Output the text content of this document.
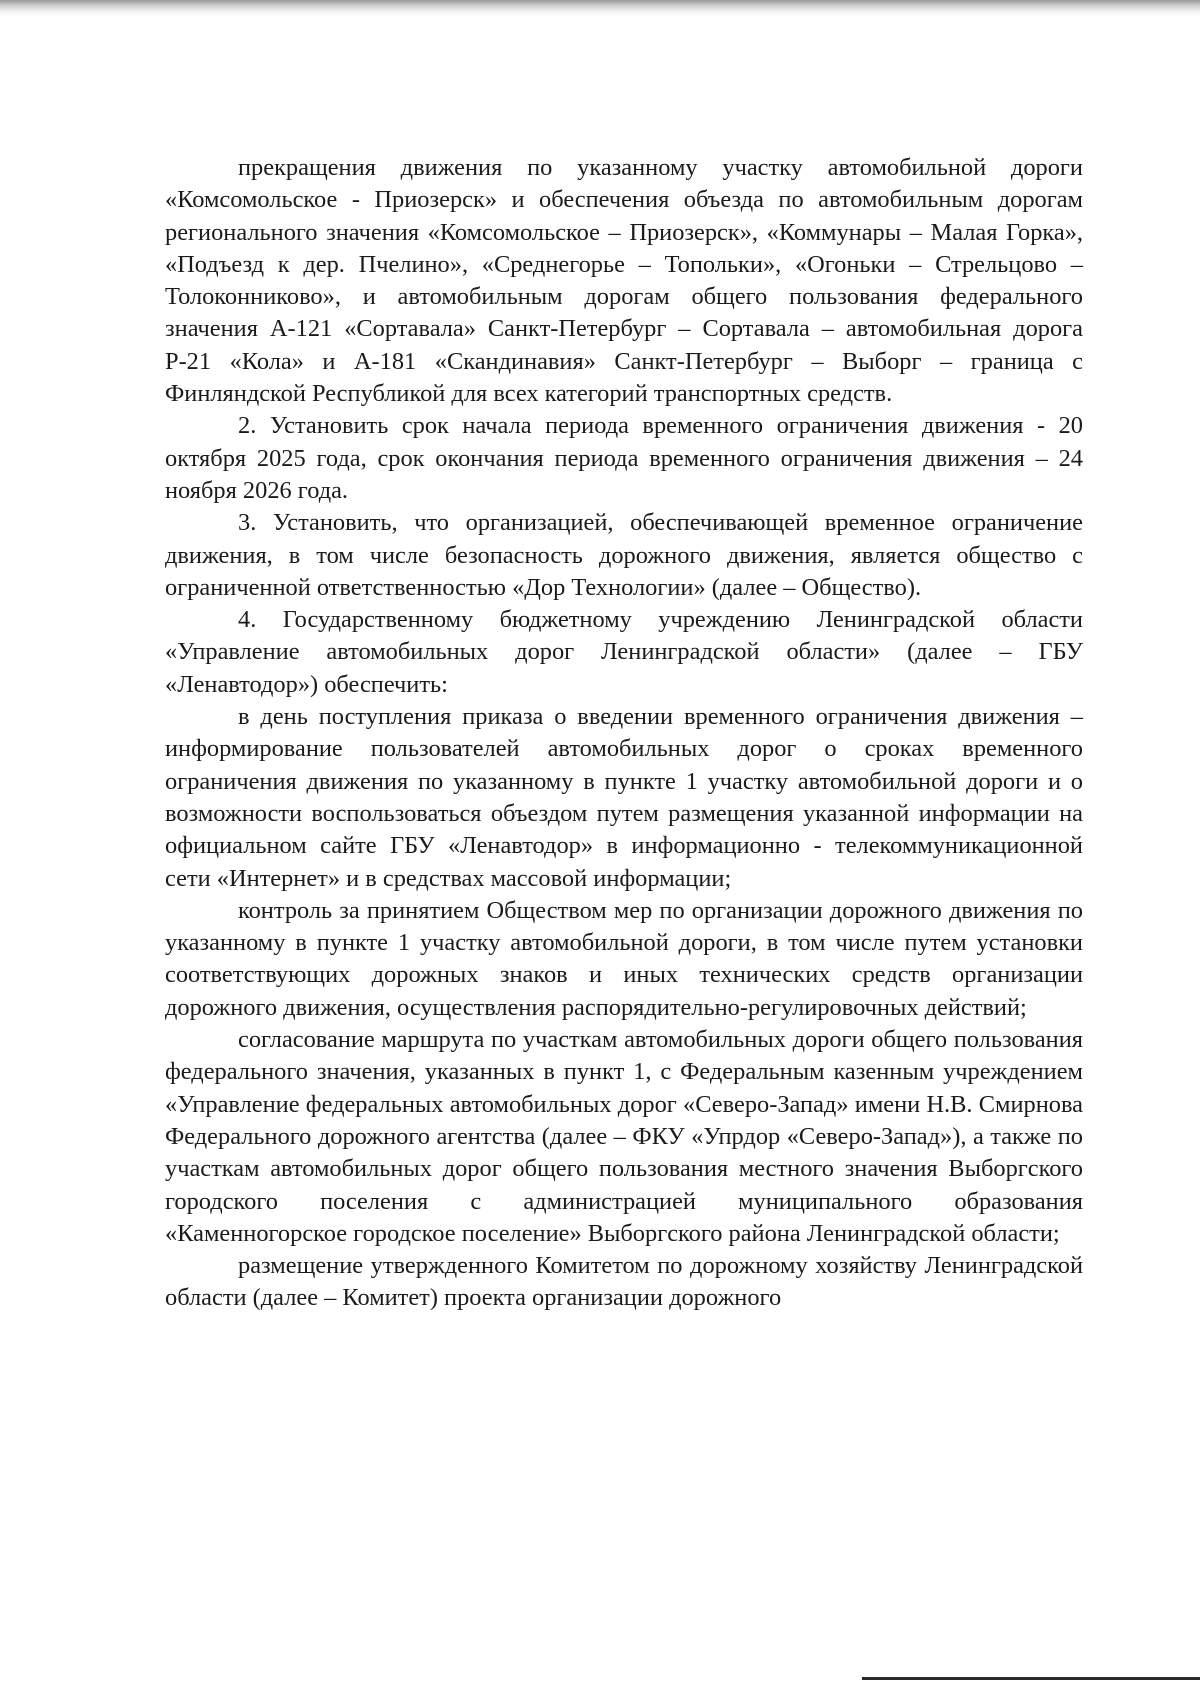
прекращения движения по указанному участку автомобильной дороги «Комсомольское - Приозерск» и обеспечения объезда по автомобильным дорогам регионального значения «Комсомольское – Приозерск», «Коммунары – Малая Горка», «Подъезд к дер. Пчелино», «Среднегорье – Топольки», «Огоньки – Стрельцово – Толоконниково», и автомобильным дорогам общего пользования федерального значения А-121 «Сортавала» Санкт-Петербург – Сортавала – автомобильная дорога Р-21 «Кола» и А-181 «Скандинавия» Санкт-Петербург – Выборг – граница с Финляндской Республикой для всех категорий транспортных средств.

2. Установить срок начала периода временного ограничения движения - 20 октября 2025 года, срок окончания периода временного ограничения движения – 24 ноября 2026 года.

3. Установить, что организацией, обеспечивающей временное ограничение движения, в том числе безопасность дорожного движения, является общество с ограниченной ответственностью «Дор Технологии» (далее – Общество).

4. Государственному бюджетному учреждению Ленинградской области «Управление автомобильных дорог Ленинградской области» (далее – ГБУ «Ленавтодор») обеспечить:

в день поступления приказа о введении временного ограничения движения – информирование пользователей автомобильных дорог о сроках временного ограничения движения по указанному в пункте 1 участку автомобильной дороги и о возможности воспользоваться объездом путем размещения указанной информации на официальном сайте ГБУ «Ленавтодор» в информационно - телекоммуникационной сети «Интернет» и в средствах массовой информации;

контроль за принятием Обществом мер по организации дорожного движения по указанному в пункте 1 участку автомобильной дороги, в том числе путем установки соответствующих дорожных знаков и иных технических средств организации дорожного движения, осуществления распорядительно-регулировочных действий;

согласование маршрута по участкам автомобильных дороги общего пользования федерального значения, указанных в пункт 1, с Федеральным казенным учреждением «Управление федеральных автомобильных дорог «Северо-Запад» имени Н.В. Смирнова Федерального дорожного агентства (далее – ФКУ «Упрдор «Северо-Запад»), а также по участкам автомобильных дорог общего пользования местного значения Выборгского городского поселения с администрацией муниципального образования «Каменногорское городское поселение» Выборгского района Ленинградской области;

размещение утвержденного Комитетом по дорожному хозяйству Ленинградской области (далее – Комитет) проекта организации дорожного
